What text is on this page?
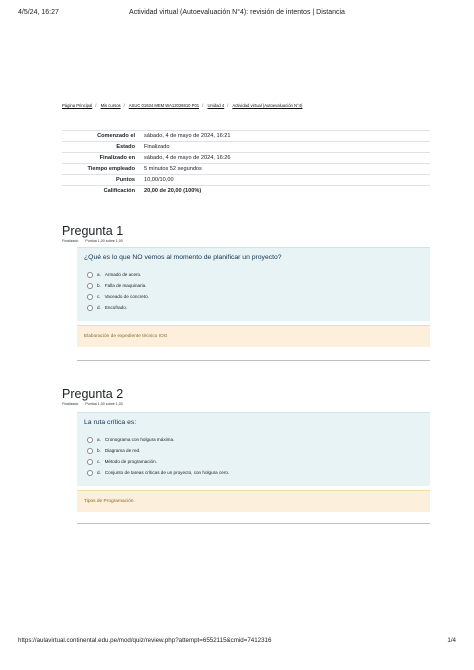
4/5/24, 16:27	Actividad virtual (Autoevaluación N°4): revisión de intentos | Distancia
Página Principal / Mis cursos / ASUC 01634 MEM WA12026810 P01 / Unidad 4 / Actividad virtual (Autoevaluación N°4)
Comenzado el	sábado, 4 de mayo de 2024, 16:21
Estado	Finalizado
Finalizado en	sábado, 4 de mayo de 2024, 16:26
Tiempo empleado	5 minutos 52 segundos
Puntos	10,00/10,00
Calificación	20,00 de 20,00 (100%)
Pregunta 1
Finalizado Puntúa 1,00 sobre 1,00
¿Qué es lo que NO vemos al momento de planificar un proyecto?
a. Armado de acero.
b. Falla de maquinaria.
c. Vaceado de concreto.
d. Encofrado.
Elaboración de expediente técnico IOG
Pregunta 2
Finalizado Puntúa 1,00 sobre 1,00
La ruta crítica es:
a. Cronograma con holgura máxima.
b. Diagrama de red.
c. Método de programación.
d. Conjunto de tareas críticas de un proyecto, con holgura cero.
Tipos de Programación.
https://aulavirtual.continental.edu.pe/mod/quiz/review.php?attempt=6552115&cmid=7412316	1/4
